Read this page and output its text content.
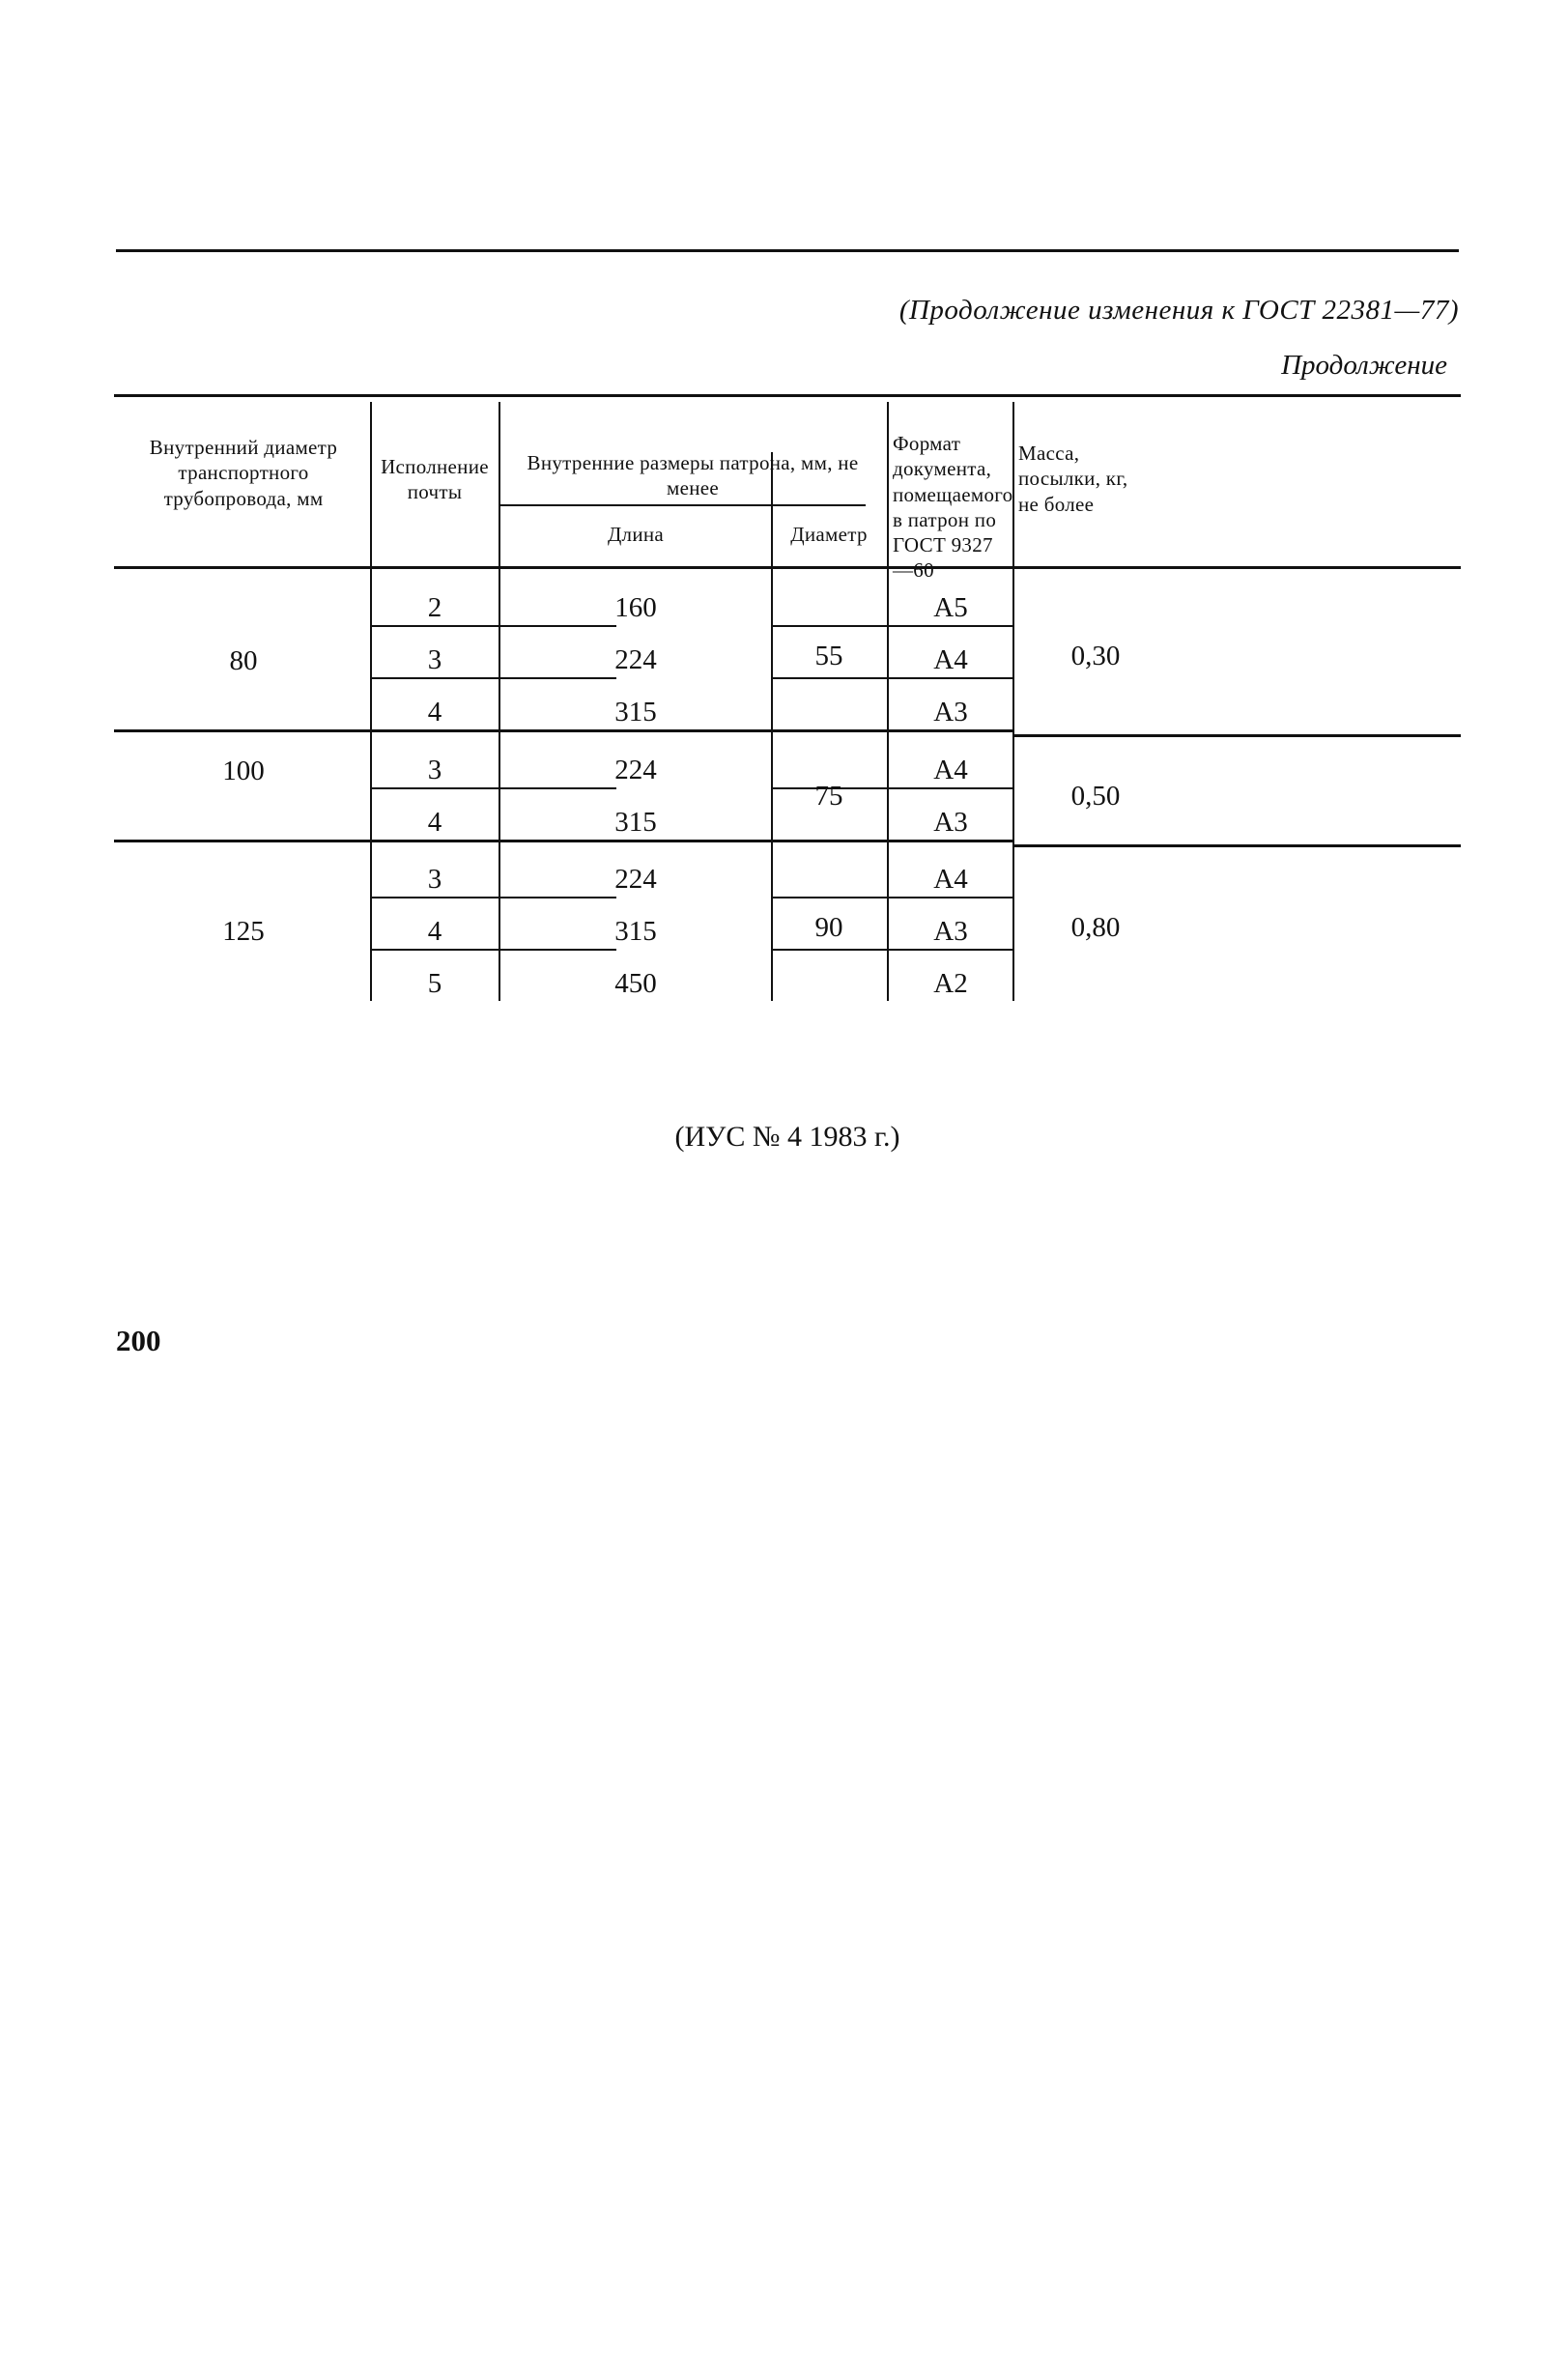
(Продолжение изменения к ГОСТ 22381—77)
Продолжение
Внутренний диаметр транспортного трубопровода, мм
Исполнение почты
Внутренние размеры патрона, мм, не менее
Длина	Диаметр
Формат документа, помещаемого в патрон по ГОСТ 9327—60
Масса, посылки, кг, не более
80
2
3
4
160
224
315
55
А5
А4
А3
0,30
100	3
4
224
315
75
А4
А3
0,50
125
3
4
5
224
315
450
90
А4
А3
А2
0,80
(ИУС № 4 1983 г.)
200
